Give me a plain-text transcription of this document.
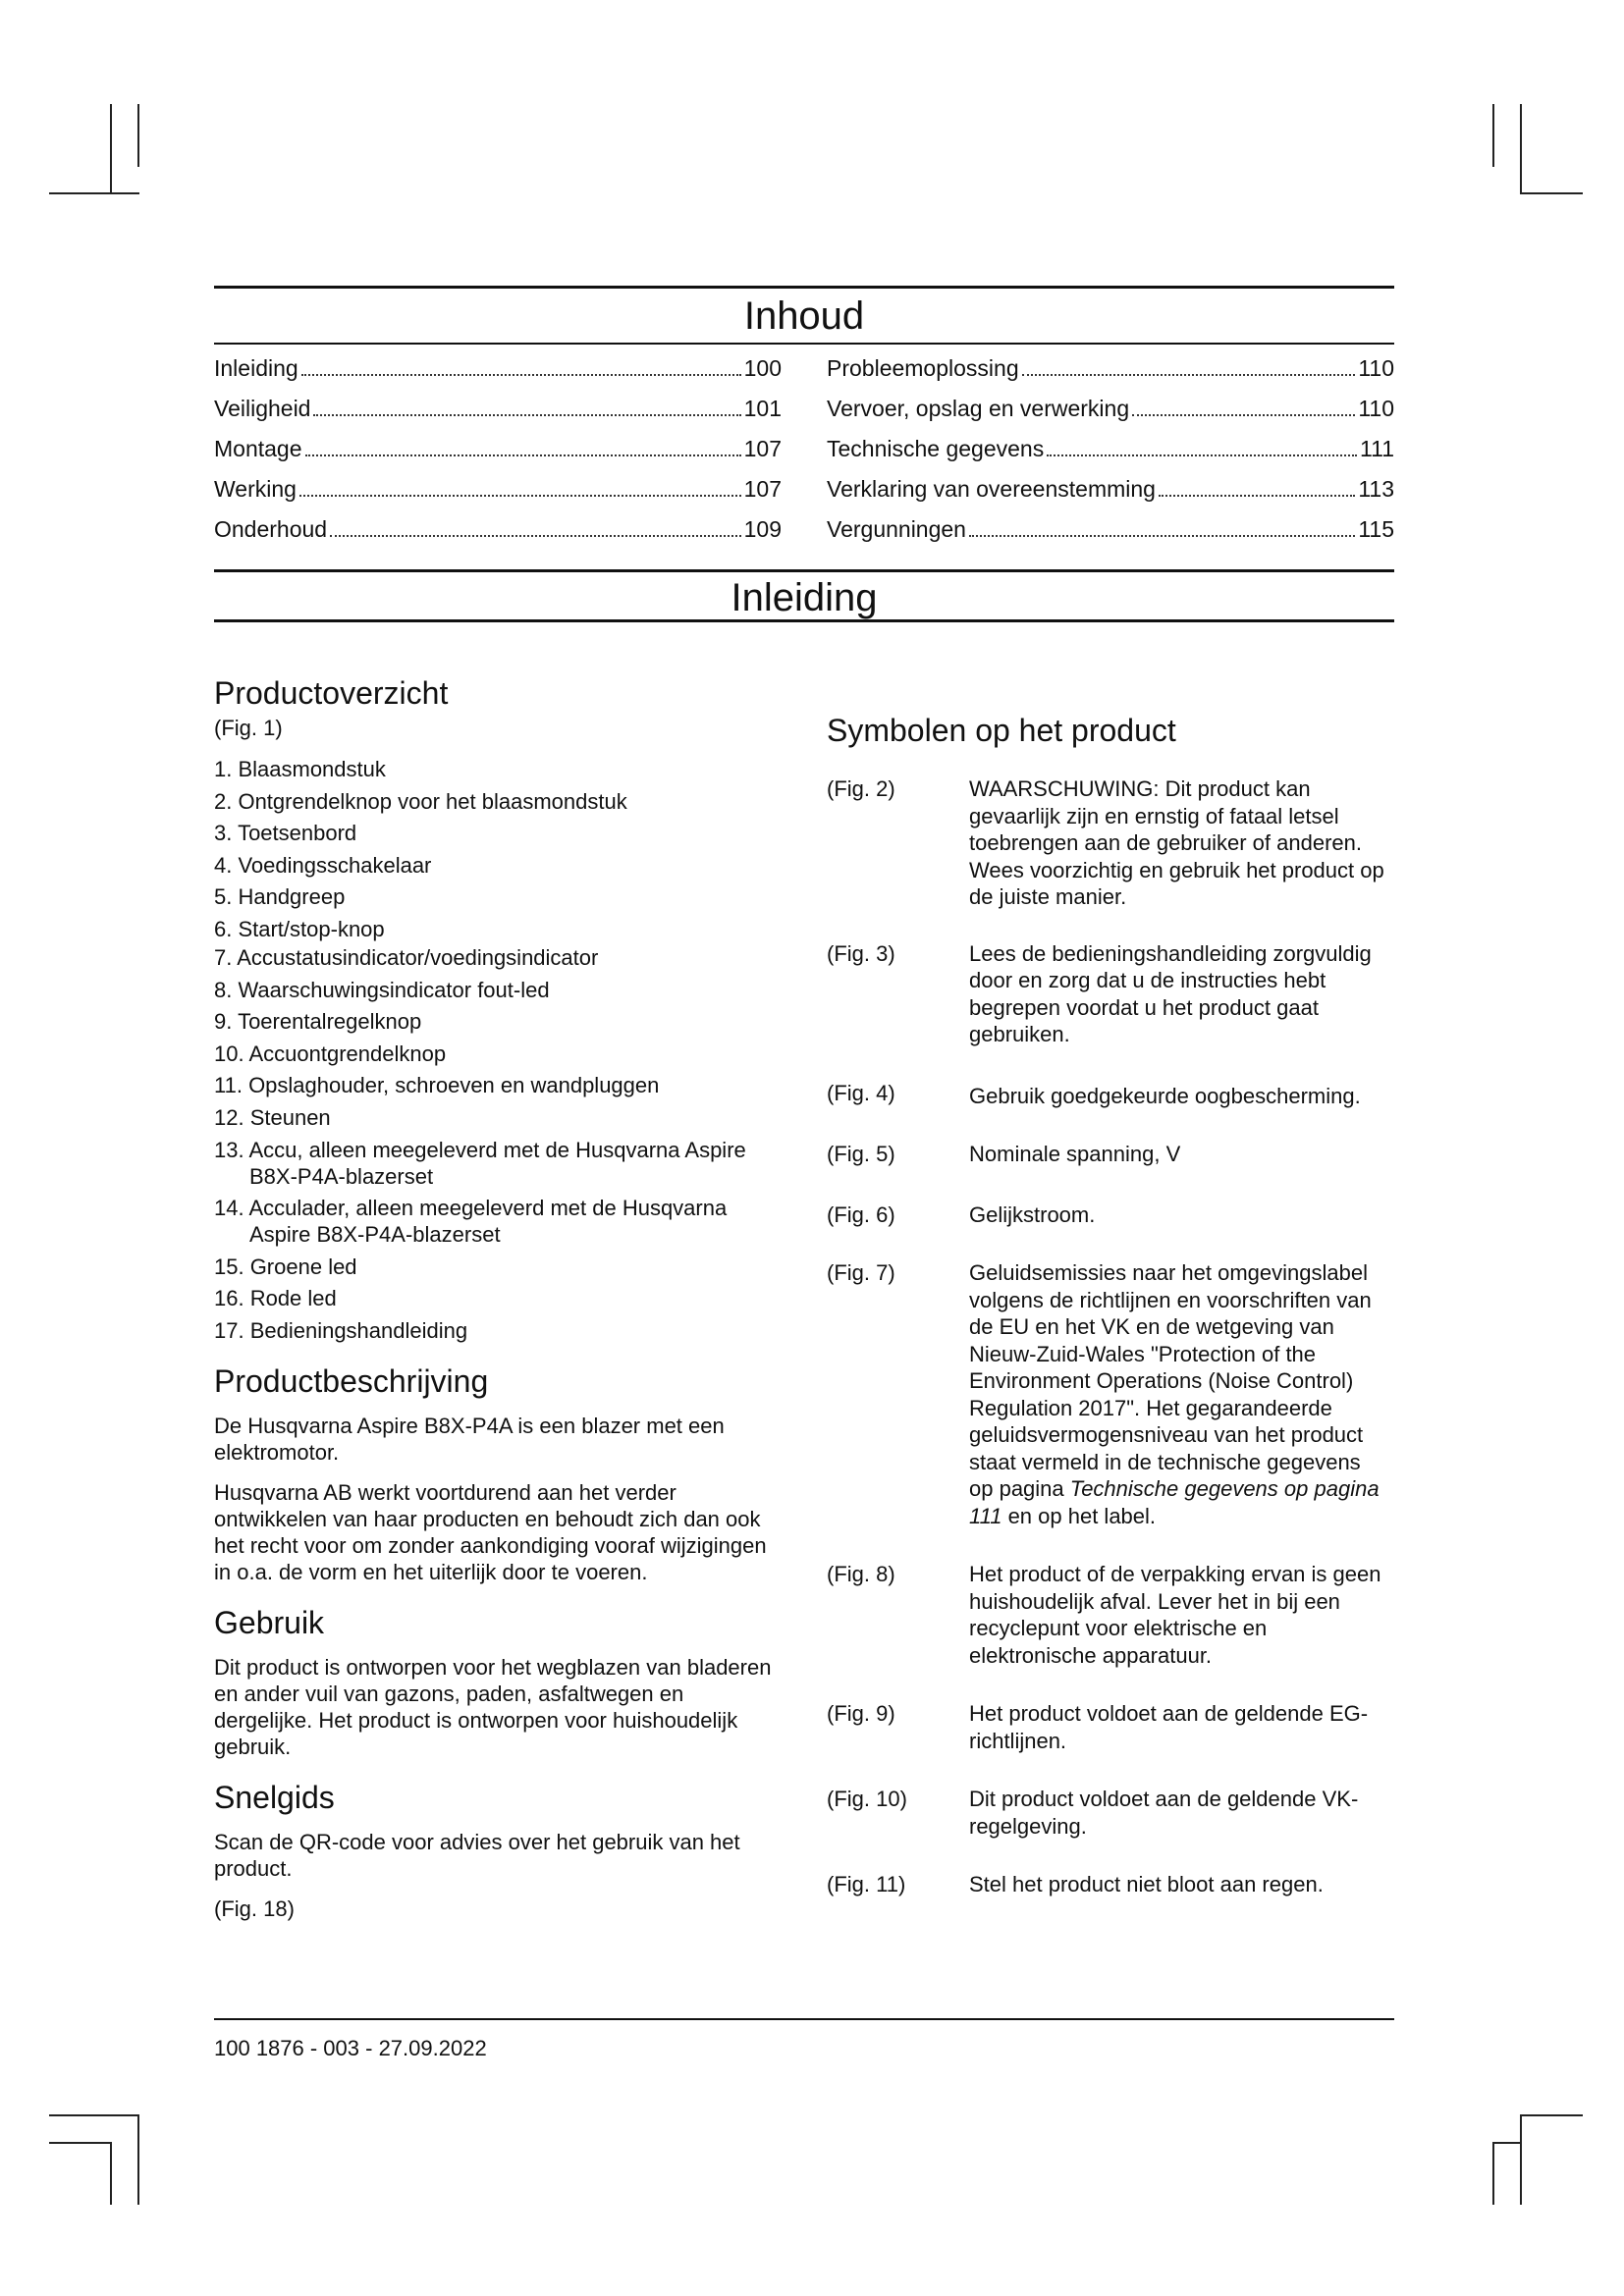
Inhoud
Inleiding	100
Veiligheid	101
Montage	107
Werking	107
Onderhoud	109
Probleemoplossing	110
Vervoer, opslag en verwerking	110
Technische gegevens	111
Verklaring van overeenstemming	113
Vergunningen	115
Inleiding
Productoverzicht
(Fig. 1)
1. Blaasmondstuk
2. Ontgrendelknop voor het blaasmondstuk
3. Toetsenbord
4. Voedingsschakelaar
5. Handgreep
6. Start/stop-knop
7. Accustatusindicator/voedingsindicator
8. Waarschuwingsindicator fout-led
9. Toerentalregelknop
10. Accuontgrendelknop
11. Opslaghouder, schroeven en wandpluggen
12. Steunen
13. Accu, alleen meegeleverd met de Husqvarna Aspire
B8X-P4A-blazerset
14. Acculader, alleen meegeleverd met de Husqvarna
Aspire B8X-P4A-blazerset
15. Groene led
16. Rode led
17. Bedieningshandleiding
Productbeschrijving

De Husqvarna Aspire B8X-P4A is een blazer met een elektromotor.

Husqvarna AB werkt voortdurend aan het verder ontwikkelen van haar producten en behoudt zich dan ook het recht voor om zonder aankondiging vooraf wijzigingen in o.a. de vorm en het uiterlijk door te voeren.

Gebruik

Dit product is ontworpen voor het wegblazen van bladeren en ander vuil van gazons, paden, asfaltwegen en dergelijke. Het product is ontworpen voor huishoudelijk gebruik.

Snelgids

Scan de QR-code voor advies over het gebruik van het product.

(Fig. 18)

Symbolen op het product
(Fig. 2)	WAARSCHUWING: Dit product kan gevaarlijk zijn en ernstig of fataal letsel toebrengen aan de gebruiker of anderen. Wees voorzichtig en gebruik het product op de juiste manier.
(Fig. 3)	Lees de bedieningshandleiding zorgvuldig door en zorg dat u de instructies hebt begrepen voordat u het product gaat gebruiken.
(Fig. 4)	Gebruik goedgekeurde oogbescherming.
(Fig. 5)	Nominale spanning, V
(Fig. 6)	Gelijkstroom.
(Fig. 7)	Geluidsemissies naar het omgevingslabel volgens de richtlijnen en voorschriften van de EU en het VK en de wetgeving van Nieuw-Zuid-Wales "Protection of the Environment Operations (Noise Control) Regulation 2017". Het gegarandeerde geluidsvermogensniveau van het product staat vermeld in de technische gegevens op pagina Technische gegevens op pagina 111 en op het label.
(Fig. 8)	Het product of de verpakking ervan is geen huishoudelijk afval. Lever het in bij een recyclepunt voor elektrische en elektronische apparatuur.
(Fig. 9)	Het product voldoet aan de geldende EG-richtlijnen.
(Fig. 10)	Dit product voldoet aan de geldende VK-regelgeving.
(Fig. 11)	Stel het product niet bloot aan regen.
100 1876 - 003 - 27.09.2022
